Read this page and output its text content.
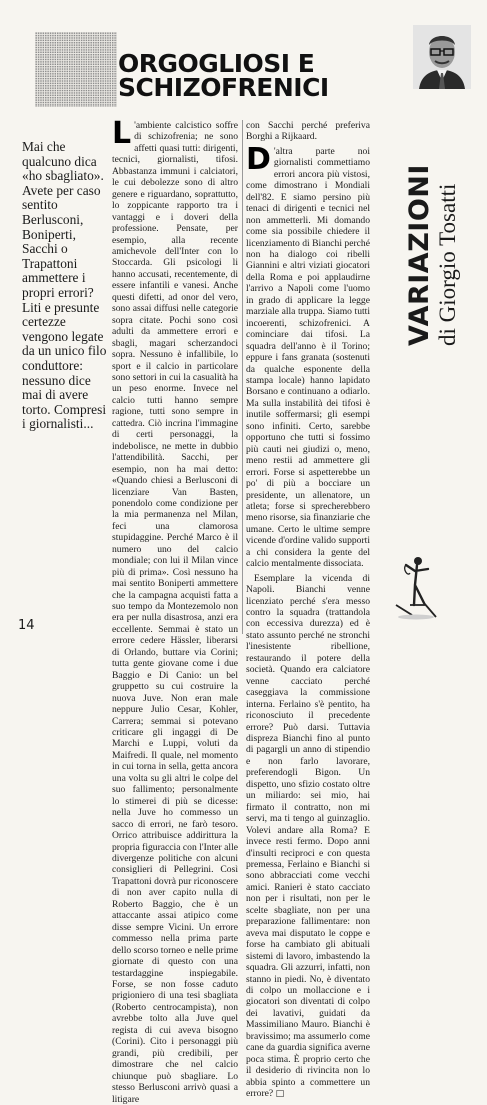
ORGOGLIOSI E
SCHIZOFRENICI
Mai che qualcuno dica «ho sbagliato». Avete per caso sentito Berlusconi, Boniperti, Sacchi o Trapattoni ammettere i propri errori? Liti e presunte certezze vengono legate da un unico filo conduttore: nessuno dice mai di avere torto. Compresi i giornalisti...

L 'ambiente calcistico soffre di schizofrenia; ne sono affetti quasi tutti: dirigenti, tecnici, giornalisti, tifosi. Abbastanza immuni i calciatori, le cui debolezze sono di altro genere e riguardano, soprattutto, lo zoppicante rapporto tra i vantaggi e i doveri della professione. Pensate, per esempio, alla recente amichevole dell'Inter con lo Stoccarda. Gli psicologi li hanno accusati, recentemente, di essere infantili e vanesi. Anche questi difetti, ad onor del vero, sono assai diffusi nelle categorie sopra citate. Pochi sono così adulti da ammettere errori e sbagli, magari scherzandoci sopra. Nessuno è infallibile, lo sport e il calcio in particolare sono settori in cui la casualità ha un peso enorme. Invece nel calcio tutti hanno sempre ragione, tutti sono sempre in cattedra. Ciò incrina l'immagine di certi personaggi, la indebolisce, ne mette in dubbio l'attendibilità. Sacchi, per esempio, non ha mai detto: «Quando chiesi a Berlusconi di licenziare Van Basten, ponendolo come condizione per la mia permanenza nel Milan, feci una clamorosa stupidaggine. Perché Marco è il numero uno del calcio mondiale; con lui il Milan vince più di prima». Così nessuno ha mai sentito Boniperti ammettere che la campagna acquisti fatta a suo tempo da Montezemolo non era per nulla disastrosa, anzi era eccellente. Semmai è stato un errore cedere Hässler, liberarsi di Orlando, buttare via Corini; tutta gente giovane come i due Baggio e Di Canio: un bel gruppetto su cui costruire la nuova Juve. Non eran male neppure Julio Cesar, Kohler, Carrera; semmai si potevano criticare gli ingaggi di De Marchi e Luppi, voluti da Maifredi. Il quale, nel momento in cui torna in sella, getta ancora una volta su gli altri le colpe del suo fallimento; personalmente lo stimerei di più se dicesse: nella Juve ho commesso un sacco di errori, ne farò tesoro. Orrico attribuisce addirittura la propria figuraccia con l'Inter alle divergenze politiche con alcuni consiglieri di Pellegrini. Così Trapattoni dovrà pur riconoscere di non aver capito nulla di Roberto Baggio, che è un attaccante assai atipico come disse sempre Vicini. Un errore commesso nella prima parte dello scorso torneo e nelle prime giornate di questo con una testardaggine inspiegabile. Forse, se non fosse caduto prigioniero di una tesi sbagliata (Roberto centrocampista), non avrebbe tolto alla Juve quel regista di cui aveva bisogno (Corini). Cito i personaggi più grandi, più credibili, per dimostrare che nel calcio chiunque può sbagliare. Lo stesso Berlusconi arrivò quasi a litigare

con Sacchi perché preferiva Borghi a Rijkaard.

D 'altra parte noi giornalisti commettiamo errori ancora più vistosi, come dimostrano i Mondiali dell'82. E siamo persino più tenaci di dirigenti e tecnici nel non ammetterli. Mi domando come sia possibile chiedere il licenziamento di Bianchi perché non ha dialogo coi ribelli Giannini e altri viziati giocatori della Roma e poi applaudirne l'arrivo a Napoli come l'uomo in grado di applicare la legge marziale alla truppa. Siamo tutti incoerenti, schizofrenici. A cominciare dai tifosi. La squadra dell'anno è il Torino; eppure i fans granata (sostenuti da qualche esponente della stampa locale) hanno lapidato Borsano e continuano a odiarlo. Ma sulla instabilità dei tifosi è inutile soffermarsi; gli esempi sono infiniti. Certo, sarebbe opportuno che tutti si fossimo più cauti nei giudizi o, meno, meno restii ad ammettere gli errori. Forse si aspetterebbe un po' di più a bocciare un presidente, un allenatore, un atleta; forse si sprecherebbero meno risorse, sia finanziarie che umane. Certo le ultime sempre vicende d'ordine valido supporti a chi considera la gente del calcio mentalmente dissociata.

Esemplare la vicenda di Napoli. Bianchi venne licenziato perché s'era messo contro la squadra (trattandola con eccessiva durezza) ed è stato assunto perché ne stronchi l'inesistente ribellione, restaurando il potere della società. Quando era calciatore venne cacciato perché caseggiava la commissione interna. Ferlaino s'è pentito, ha riconosciuto il precedente errore? Può darsi. Tuttavia dispreza Bianchi fino al punto di pagargli un anno di stipendio e non farlo lavorare, preferendogli Bigon. Un dispetto, uno sfizio costato oltre un miliardo: sei mio, hai firmato il contratto, non mi servi, ma ti tengo al guinzaglio. Volevi andare alla Roma? E invece resti fermo. Dopo anni d'insulti reciproci e con questa premessa, Ferlaino e Bianchi si sono abbracciati come vecchi amici. Ranieri è stato cacciato non per i risultati, non per le scelte sbagliate, non per una preparazione fallimentare: non aveva mai disputato le coppe e forse ha cambiato gli abituali sistemi di lavoro, imbastendo la squadra. Gli azzurri, infatti, non stanno in piedi. No, è diventato di colpo un mollaccione e i giocatori son diventati di colpo dei lavativi, guidati da Massimiliano Mauro. Bianchi è bravissimo; ma assumerlo come cane da guardia significa averne poca stima. È proprio certo che il desiderio di rivincita non lo abbia spinto a commettere un errore? □

VARIAZIONI di Giorgio Tosatti
14
